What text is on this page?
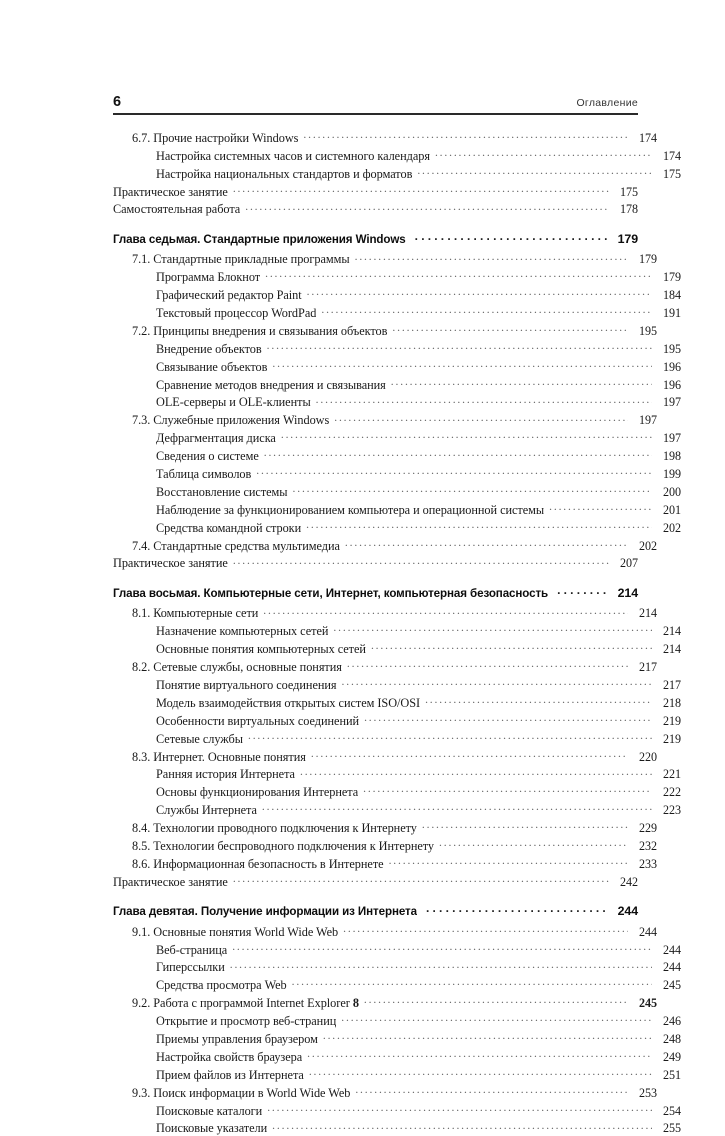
6	Оглавление
6.7. Прочие настройки Windows .....	174
Настройка системных часов и системного календаря .....	174
Настройка национальных стандартов и форматов .....	175
Практическое занятие .....	175
Самостоятельная работа .....	178
Глава седьмая. Стандартные приложения Windows .....	179
7.1. Стандартные прикладные программы .....	179
Программа Блокнот .....	179
Графический редактор Paint .....	184
Текстовый процессор WordPad .....	191
7.2. Принципы внедрения и связывания объектов .....	195
Внедрение объектов .....	195
Связывание объектов .....	196
Сравнение методов внедрения и связывания .....	196
OLE-серверы и OLE-клиенты .....	197
7.3. Служебные приложения Windows .....	197
Дефрагментация диска .....	197
Сведения о системе .....	198
Таблица символов .....	199
Восстановление системы .....	200
Наблюдение за функционированием компьютера и операционной системы .....	201
Средства командной строки .....	202
7.4. Стандартные средства мультимедиа .....	202
Практическое занятие .....	207
Глава восьмая. Компьютерные сети, Интернет, компьютерная безопасность .....	214
8.1. Компьютерные сети .....	214
Назначение компьютерных сетей .....	214
Основные понятия компьютерных сетей .....	214
8.2. Сетевые службы, основные понятия .....	217
Понятие виртуального соединения .....	217
Модель взаимодействия открытых систем ISO/OSI .....	218
Особенности виртуальных соединений .....	219
Сетевые службы .....	219
8.3. Интернет. Основные понятия .....	220
Ранняя история Интернета .....	221
Основы функционирования Интернета .....	222
Службы Интернета .....	223
8.4. Технологии проводного подключения к Интернету .....	229
8.5. Технологии беспроводного подключения к Интернету .....	232
8.6. Информационная безопасность в Интернете .....	233
Практическое занятие .....	242
Глава девятая. Получение информации из Интернета .....	244
9.1. Основные понятия World Wide Web .....	244
Веб-страница .....	244
Гиперссылки .....	244
Средства просмотра Web .....	245
9.2. Работа с программой Internet Explorer 8 .....	245
Открытие и просмотр веб-страниц .....	246
Приемы управления браузером .....	248
Настройка свойств браузера .....	249
Прием файлов из Интернета .....	251
9.3. Поиск информации в World Wide Web .....	253
Поисковые каталоги .....	254
Поисковые указатели .....	255
